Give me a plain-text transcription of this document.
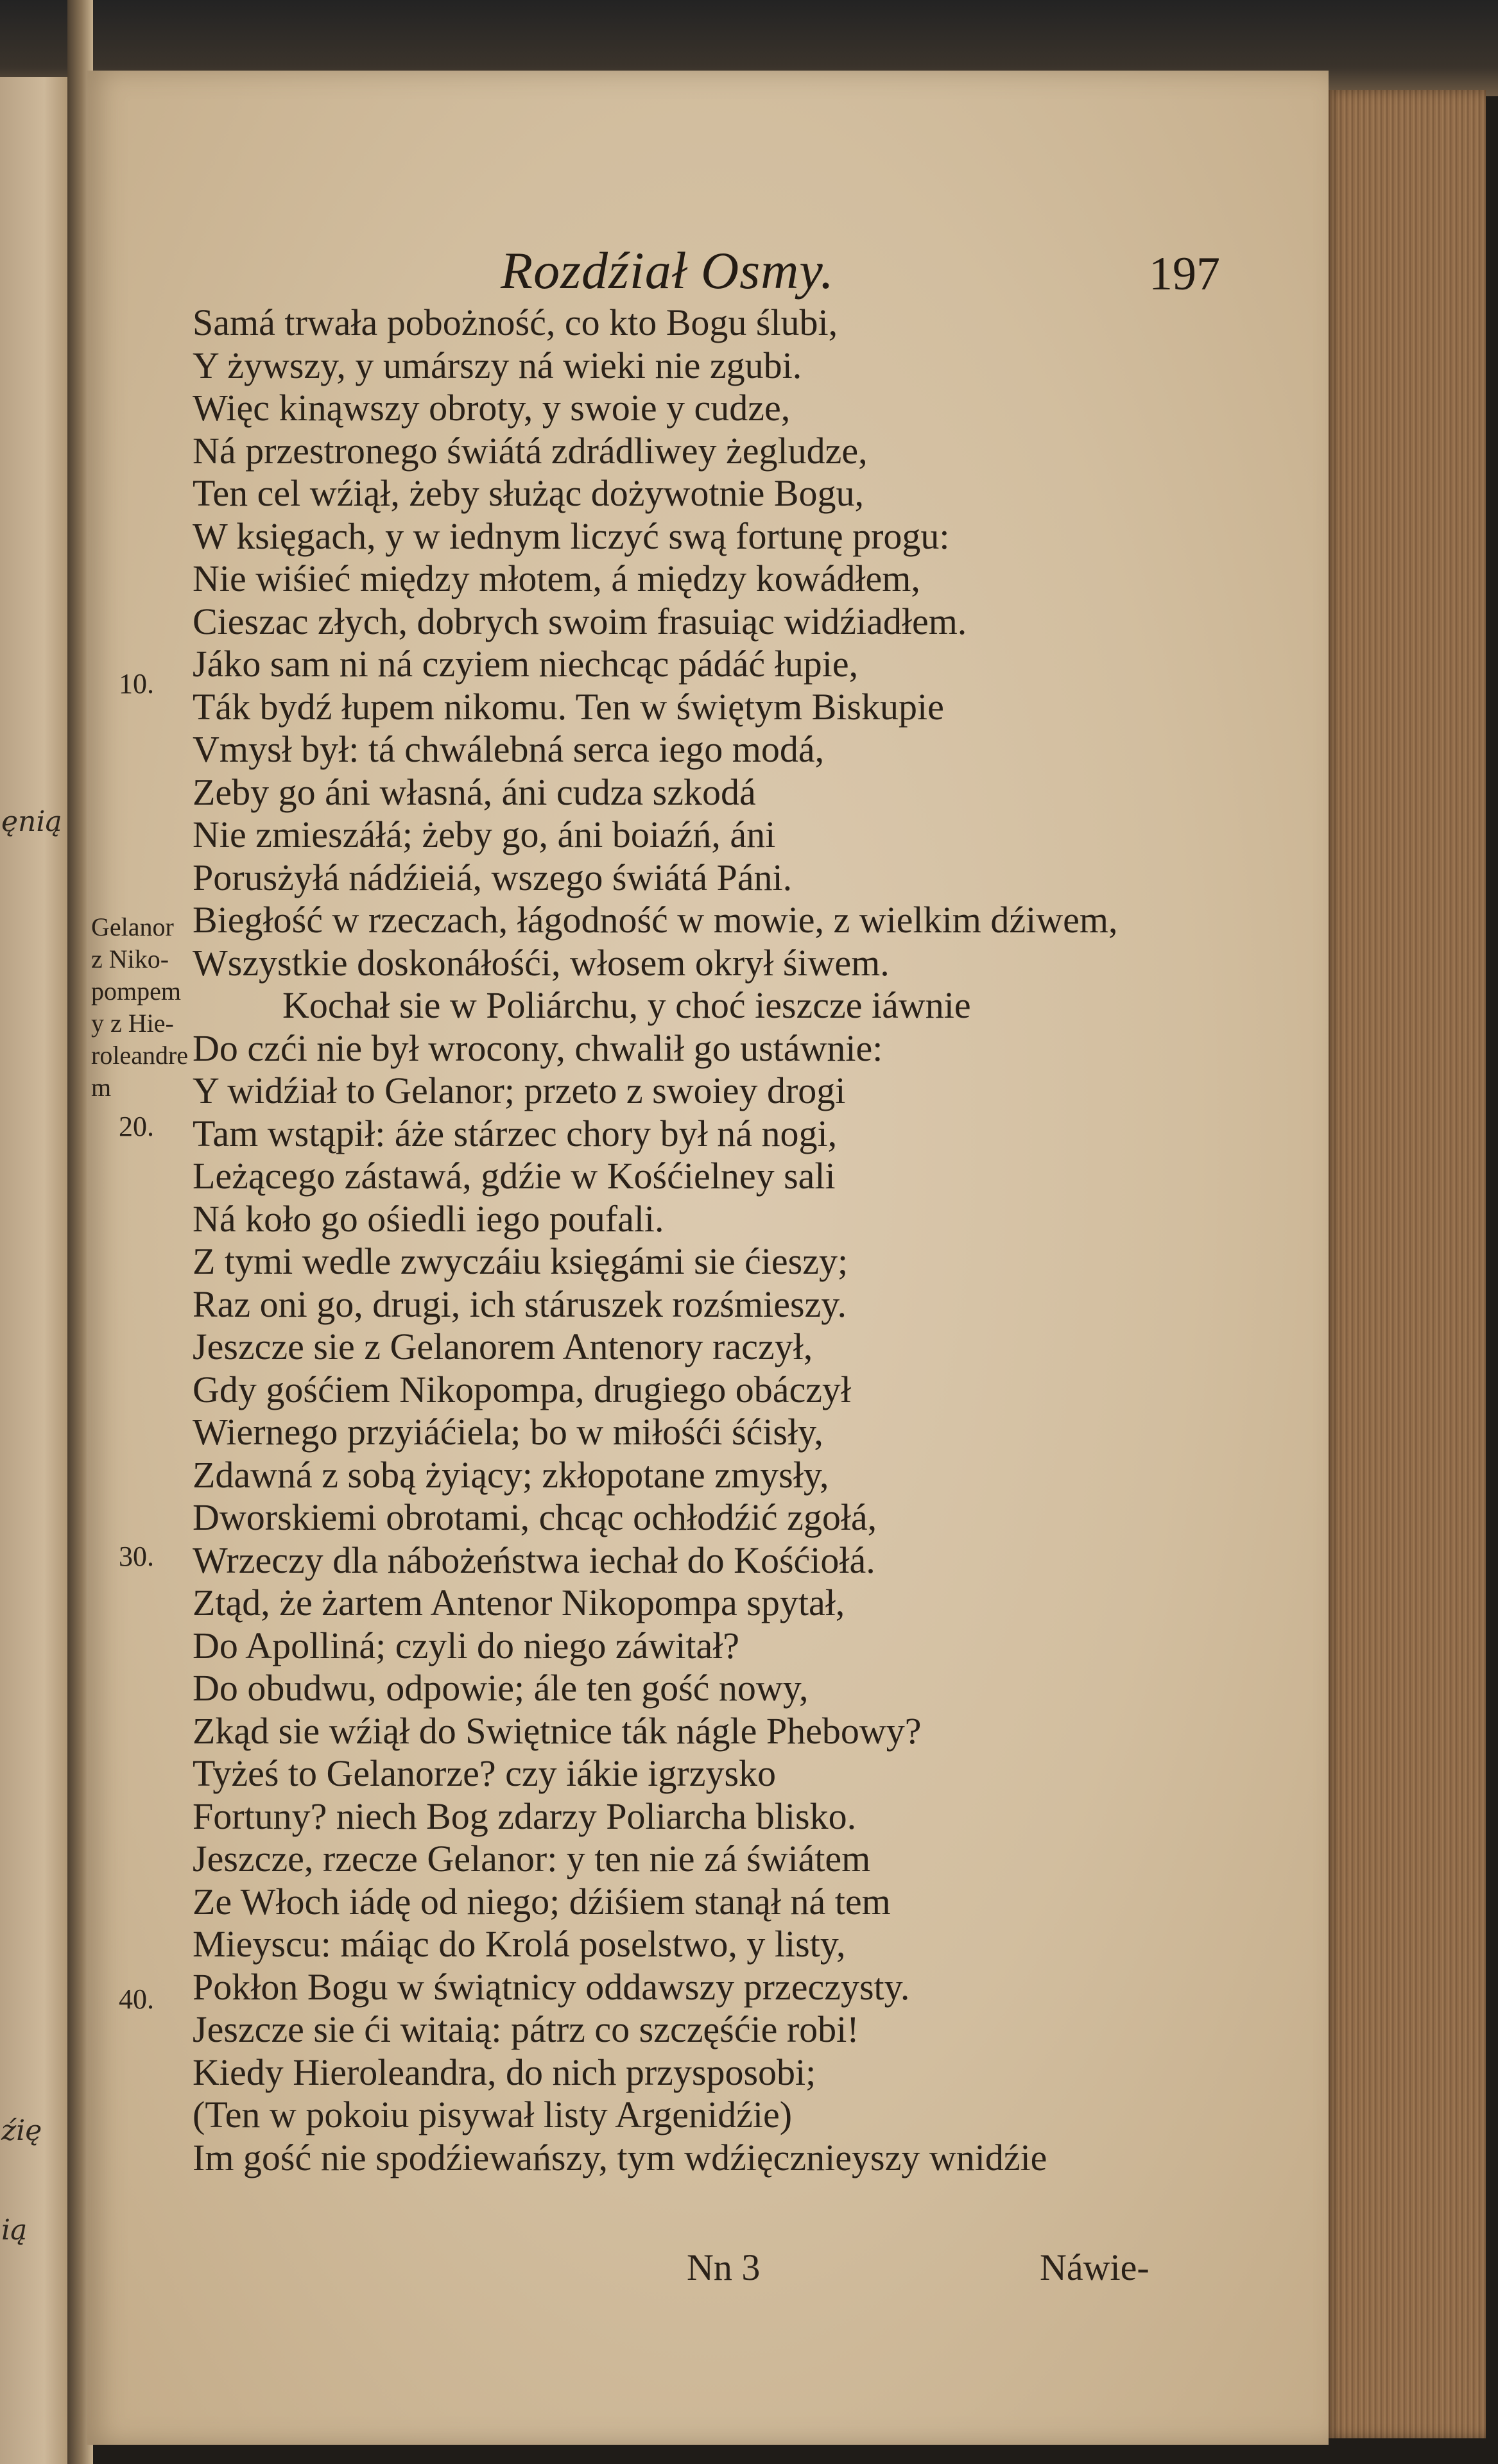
ęnią
źię
ią
Rozdźiał Osmy.	197
Samá trwała pobożność, co kto Bogu ślubi,
Y żywszy, y umárszy ná wieki nie zgubi.
Więc kinąwszy obroty, y swoie y cudze,
Ná przestronego świátá zdrádliwey żegludze,
Ten cel wźiął, żeby służąc dożywotnie Bogu,
W księgach, y w iednym liczyć swą fortunę progu:
Nie wiśieć między młotem, á między kowádłem,
Cieszac złych, dobrych swoim frasuiąc widźiadłem.
Jáko sam ni ná czyiem niechcąc pádáć łupie,
Ták bydź łupem nikomu. Ten w świętym Biskupie
Vmysł był: tá chwálebná serca iego modá,
Zeby go áni własná, áni cudza szkodá
Nie zmieszáłá; żeby go, áni boiaźń, áni
Porusżyłá nádźieiá, wszego świátá Páni.
Biegłość w rzeczach, łágodność w mowie, z wielkim dźiwem,
Wszystkie doskonáłośći, włosem okrył śiwem.
Kochał sie w Poliárchu, y choć ieszcze iáwnie
Do czći nie był wrocony, chwalił go ustáwnie:
Y widźiał to Gelanor; przeto z swoiey drogi
Tam wstąpił: áże stárzec chory był ná nogi,
Leżącego zástawá, gdźie w Kośćielney sali
Ná koło go ośiedli iego poufali.
Z tymi wedle zwyczáiu księgámi sie ćieszy;
Raz oni go, drugi, ich stáruszek rozśmieszy.
Jeszcze sie z Gelanorem Antenory raczył,
Gdy gośćiem Nikopompa, drugiego obáczył
Wiernego przyiáćiela; bo w miłośći śćisły,
Zdawná z sobą żyiący; zkłopotane zmysły,
Dworskiemi obrotami, chcąc ochłodźić zgołá,
Wrzeczy dla nábożeństwa iechał do Kośćiołá.
Ztąd, że żartem Antenor Nikopompa spytał,
Do Apolliná; czyli do niego záwitał?
Do obudwu, odpowie; ále ten gość nowy,
Zkąd sie wźiął do Swiętnice ták nágle Phebowy?
Tyżeś to Gelanorze? czy iákie igrzysko
Fortuny? niech Bog zdarzy Poliarcha blisko.
Jeszcze, rzecze Gelanor: y ten nie zá świátem
Ze Włoch iádę od niego; dźiśiem stanął ná tem
Mieyscu: máiąc do Krolá poselstwo, y listy,
Pokłon Bogu w świątnicy oddawszy przeczysty.
Jeszcze sie ći witaią: pátrz co szczęśćie robi!
Kiedy Hieroleandra, do nich przysposobi;
(Ten w pokoiu pisywał listy Argenidźie)
Im gość nie spodźiewańszy, tym wdźięcznieyszy wnidźie
10.
20.
30.
40.
Gelanor
z Niko-
pompem
y z Hie-
roleandre
m
Nn 3	Náwie-
